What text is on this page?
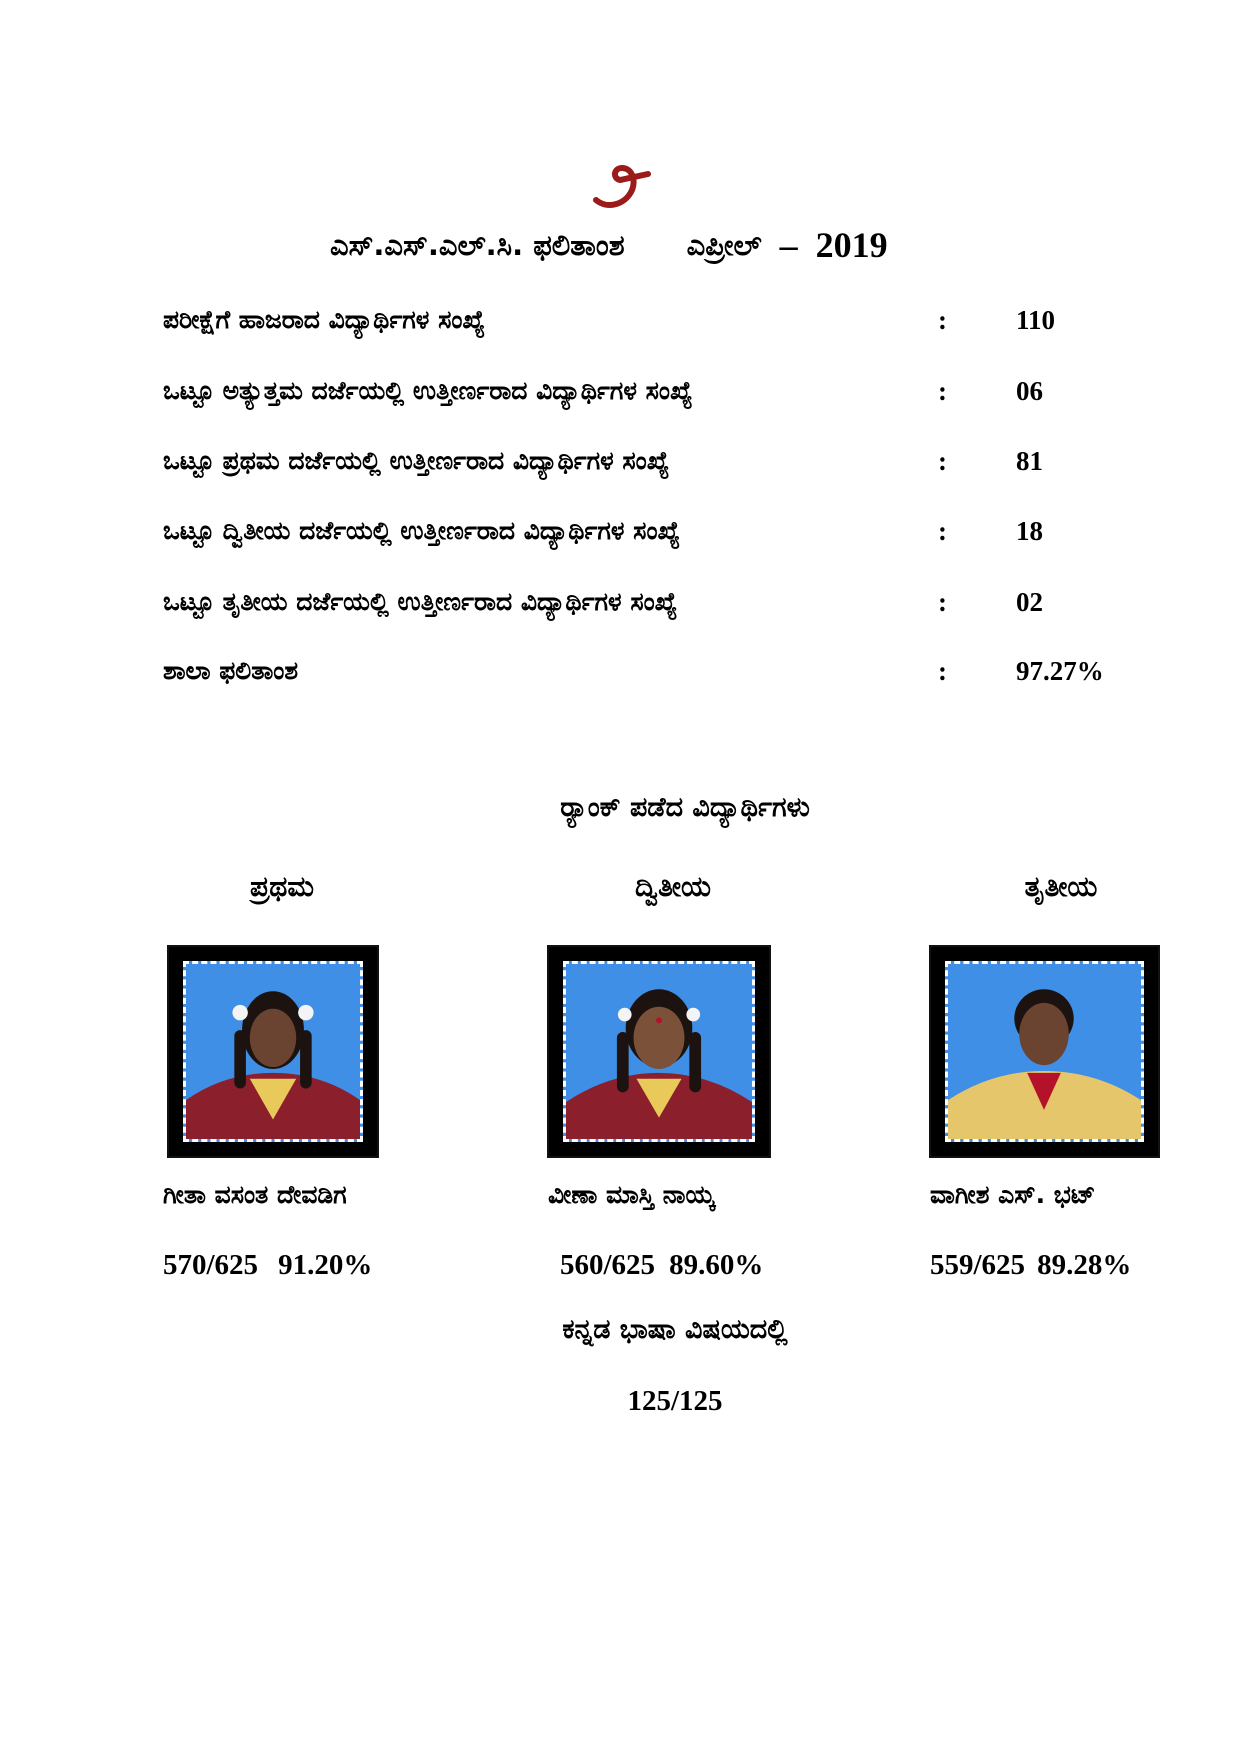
ಎಸ್.ಎಸ್.ಎಲ್.ಸಿ. ಫಲಿತಾಂಶ ಎಪ್ರೀಲ್ – 2019
ಪರೀಕ್ಷೆಗೆ ಹಾಜರಾದ ವಿದ್ಯಾರ್ಥಿಗಳ ಸಂಖ್ಯೆ	:	110
ಒಟ್ಟೂ ಅತ್ಯುತ್ತಮ ದರ್ಜೆಯಲ್ಲಿ ಉತ್ತೀರ್ಣರಾದ ವಿದ್ಯಾರ್ಥಿಗಳ ಸಂಖ್ಯೆ	:	06
ಒಟ್ಟೂ ಪ್ರಥಮ ದರ್ಜೆಯಲ್ಲಿ ಉತ್ತೀರ್ಣರಾದ ವಿದ್ಯಾರ್ಥಿಗಳ ಸಂಖ್ಯೆ	:	81
ಒಟ್ಟೂ ದ್ವಿತೀಯ ದರ್ಜೆಯಲ್ಲಿ ಉತ್ತೀರ್ಣರಾದ ವಿದ್ಯಾರ್ಥಿಗಳ ಸಂಖ್ಯೆ	:	18
ಒಟ್ಟೂ ತೃತೀಯ ದರ್ಜೆಯಲ್ಲಿ ಉತ್ತೀರ್ಣರಾದ ವಿದ್ಯಾರ್ಥಿಗಳ ಸಂಖ್ಯೆ	:	02
ಶಾಲಾ ಫಲಿತಾಂಶ	:	97.27%
ರ್‍ಯಾಂಕ್ ಪಡೆದ ವಿದ್ಯಾರ್ಥಿಗಳು
ಪ್ರಥಮ	ದ್ವಿತೀಯ	ತೃತೀಯ
ಗೀತಾ ವಸಂತ ದೇವಡಿಗ	ವೀಣಾ ಮಾಸ್ತಿ ನಾಯ್ಕ	ವಾಗೀಶ ಎಸ್. ಭಟ್
570/625 91.20%	560/625 89.60%	559/625 89.28%
ಕನ್ನಡ ಭಾಷಾ ವಿಷಯದಲ್ಲಿ
125/125
